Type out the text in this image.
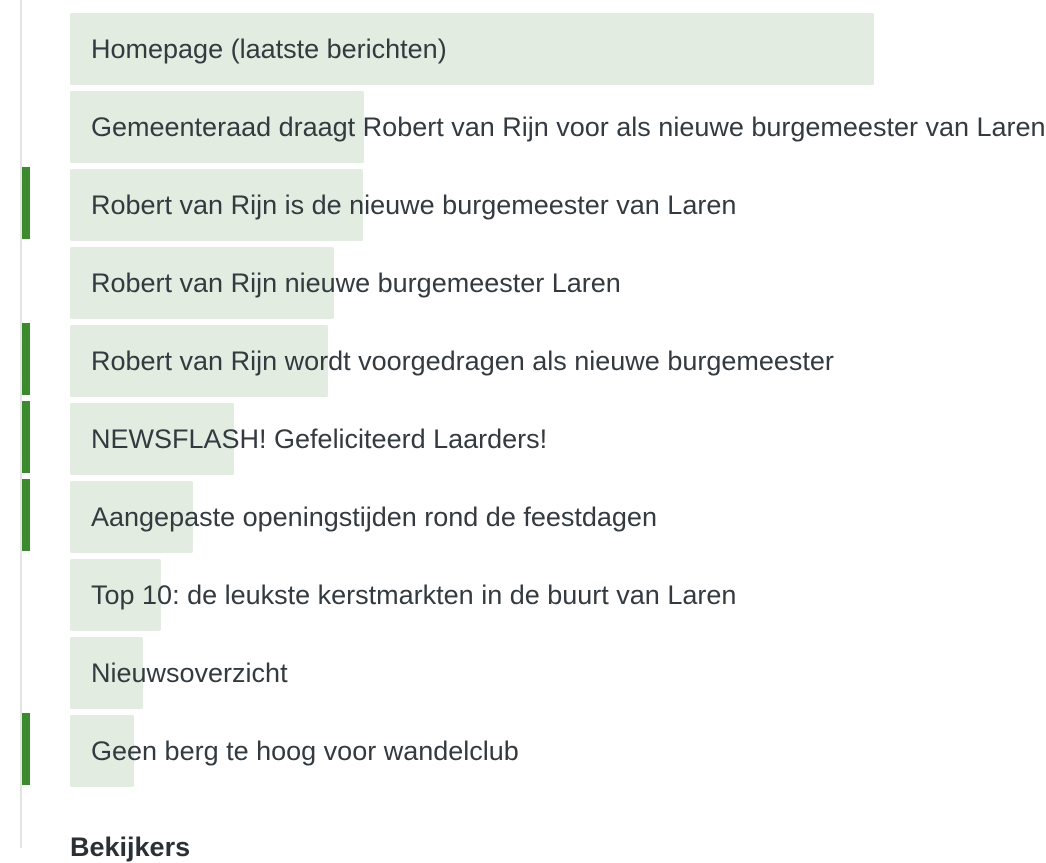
Homepage (laatste berichten)
Gemeenteraad draagt Robert van Rijn voor als nieuwe burgemeester van Laren
Robert van Rijn is de nieuwe burgemeester van Laren
Robert van Rijn nieuwe burgemeester Laren
Robert van Rijn wordt voorgedragen als nieuwe burgemeester
NEWSFLASH! Gefeliciteerd Laarders!
Aangepaste openingstijden rond de feestdagen
Top 10: de leukste kerstmarkten in de buurt van Laren
Nieuwsoverzicht
Geen berg te hoog voor wandelclub
Bekijkers
